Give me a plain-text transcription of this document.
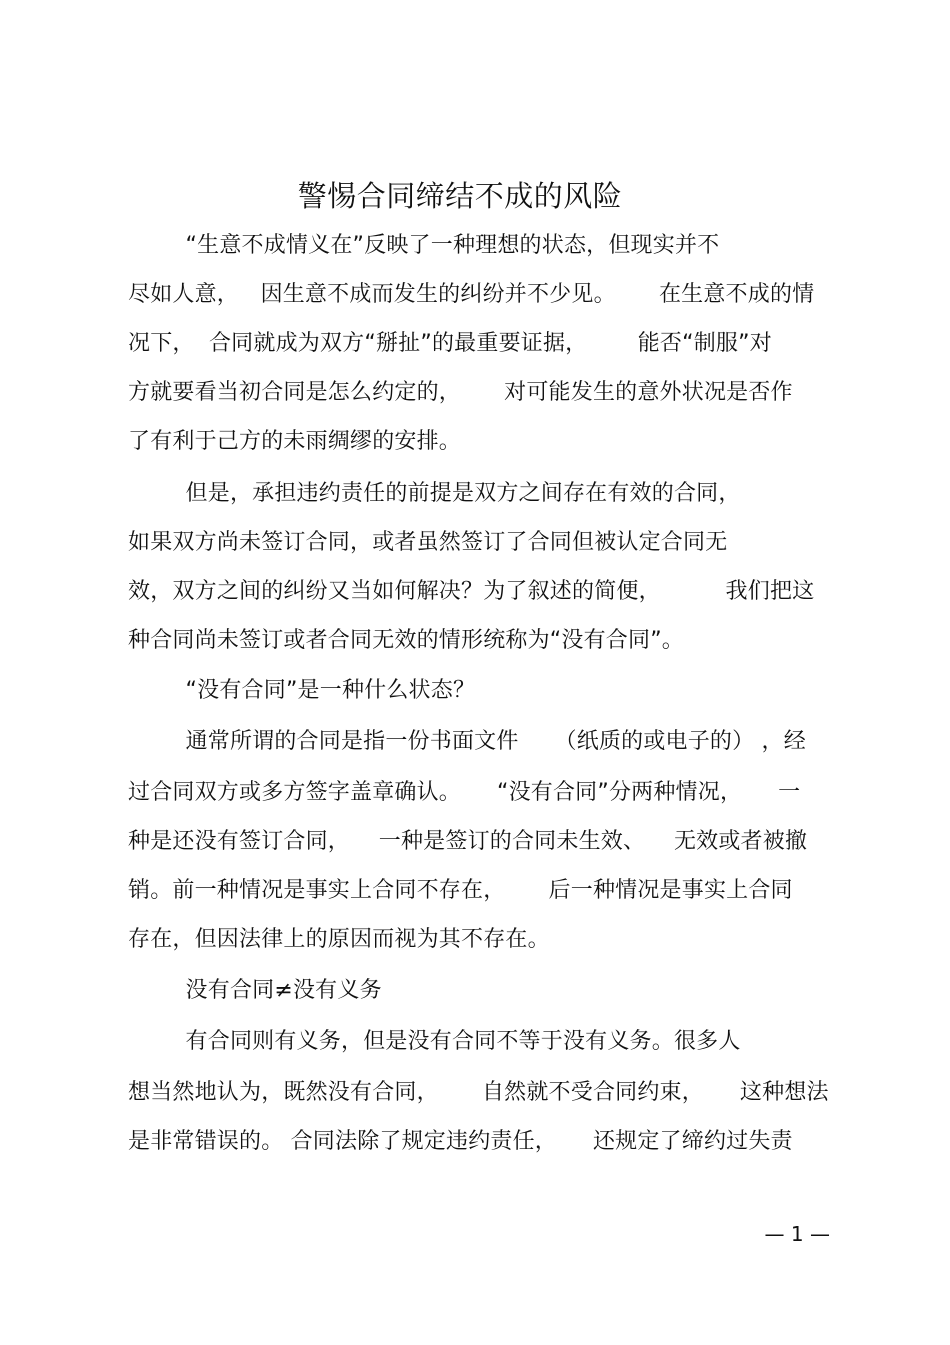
警惕合同缔结不成的风险
“生意不成情义在”反映了一种理想的状态，但现实并不
尽如人意，   因生意不成而发生的纠纷并不少见。      在生意不成的情
况下，  合同就成为双方“掰扯”的最重要证据，       能否“制服”对
方就要看当初合同是怎么约定的，      对可能发生的意外状况是否作
了有利于己方的未雨绸缪的安排。
但是，承担违约责任的前提是双方之间存在有效的合同，
如果双方尚未签订合同，或者虽然签订了合同但被认定合同无
效，双方之间的纠纷又当如何解决？为了叙述的简便，         我们把这
种合同尚未签订或者合同无效的情形统称为“没有合同”。
“没有合同”是一种什么状态？
通常所谓的合同是指一份书面文件     （纸质的或电子的） ，经
过合同双方或多方签字盖章确认。     “没有合同”分两种情况，     一
种是还没有签订合同，    一种是签订的合同未生效、    无效或者被撤
销。前一种情况是事实上合同不存在，      后一种情况是事实上合同
存在，但因法律上的原因而视为其不存在。
没有合同≠没有义务
有合同则有义务，但是没有合同不等于没有义务。很多人
想当然地认为，既然没有合同，      自然就不受合同约束，     这种想法
是非常错误的。 合同法除了规定违约责任，     还规定了缔约过失责
— 1 —
